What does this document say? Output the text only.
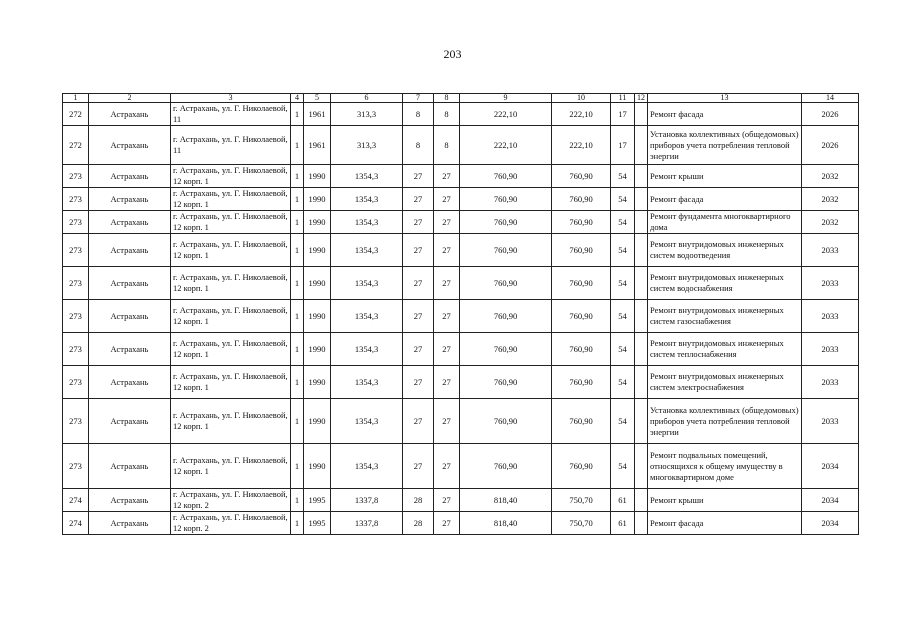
203
1	2	3	4	5	6	7	8	9	10	11	12	13	14
272	Астрахань	г. Астрахань, ул. Г. Николаевой, 11	1	1961	313,3	8	8	222,10	222,10	17		Ремонт фасада	2026
272	Астрахань	г. Астрахань, ул. Г. Николаевой, 11	1	1961	313,3	8	8	222,10	222,10	17		Установка коллективных (общедомовых) приборов учета потребления тепловой энергии	2026
273	Астрахань	г. Астрахань, ул. Г. Николаевой, 12 корп. 1	1	1990	1354,3	27	27	760,90	760,90	54		Ремонт крыши	2032
273	Астрахань	г. Астрахань, ул. Г. Николаевой, 12 корп. 1	1	1990	1354,3	27	27	760,90	760,90	54		Ремонт фасада	2032
273	Астрахань	г. Астрахань, ул. Г. Николаевой, 12 корп. 1	1	1990	1354,3	27	27	760,90	760,90	54		Ремонт фундамента многоквартирного дома	2032
273	Астрахань	г. Астрахань, ул. Г. Николаевой, 12 корп. 1	1	1990	1354,3	27	27	760,90	760,90	54		Ремонт внутридомовых инженерных систем водоотведения	2033
273	Астрахань	г. Астрахань, ул. Г. Николаевой, 12 корп. 1	1	1990	1354,3	27	27	760,90	760,90	54		Ремонт внутридомовых инженерных систем водоснабжения	2033
273	Астрахань	г. Астрахань, ул. Г. Николаевой, 12 корп. 1	1	1990	1354,3	27	27	760,90	760,90	54		Ремонт внутридомовых инженерных систем газоснабжения	2033
273	Астрахань	г. Астрахань, ул. Г. Николаевой, 12 корп. 1	1	1990	1354,3	27	27	760,90	760,90	54		Ремонт внутридомовых инженерных систем теплоснабжения	2033
273	Астрахань	г. Астрахань, ул. Г. Николаевой, 12 корп. 1	1	1990	1354,3	27	27	760,90	760,90	54		Ремонт внутридомовых инженерных систем электроснабжения	2033
273	Астрахань	г. Астрахань, ул. Г. Николаевой, 12 корп. 1	1	1990	1354,3	27	27	760,90	760,90	54		Установка коллективных (общедомовых) приборов учета потребления тепловой энергии	2033
273	Астрахань	г. Астрахань, ул. Г. Николаевой, 12 корп. 1	1	1990	1354,3	27	27	760,90	760,90	54		Ремонт подвальных помещений, относящихся к общему имуществу в многоквартирном доме	2034
274	Астрахань	г. Астрахань, ул. Г. Николаевой, 12 корп. 2	1	1995	1337,8	28	27	818,40	750,70	61		Ремонт крыши	2034
274	Астрахань	г. Астрахань, ул. Г. Николаевой, 12 корп. 2	1	1995	1337,8	28	27	818,40	750,70	61		Ремонт фасада	2034
